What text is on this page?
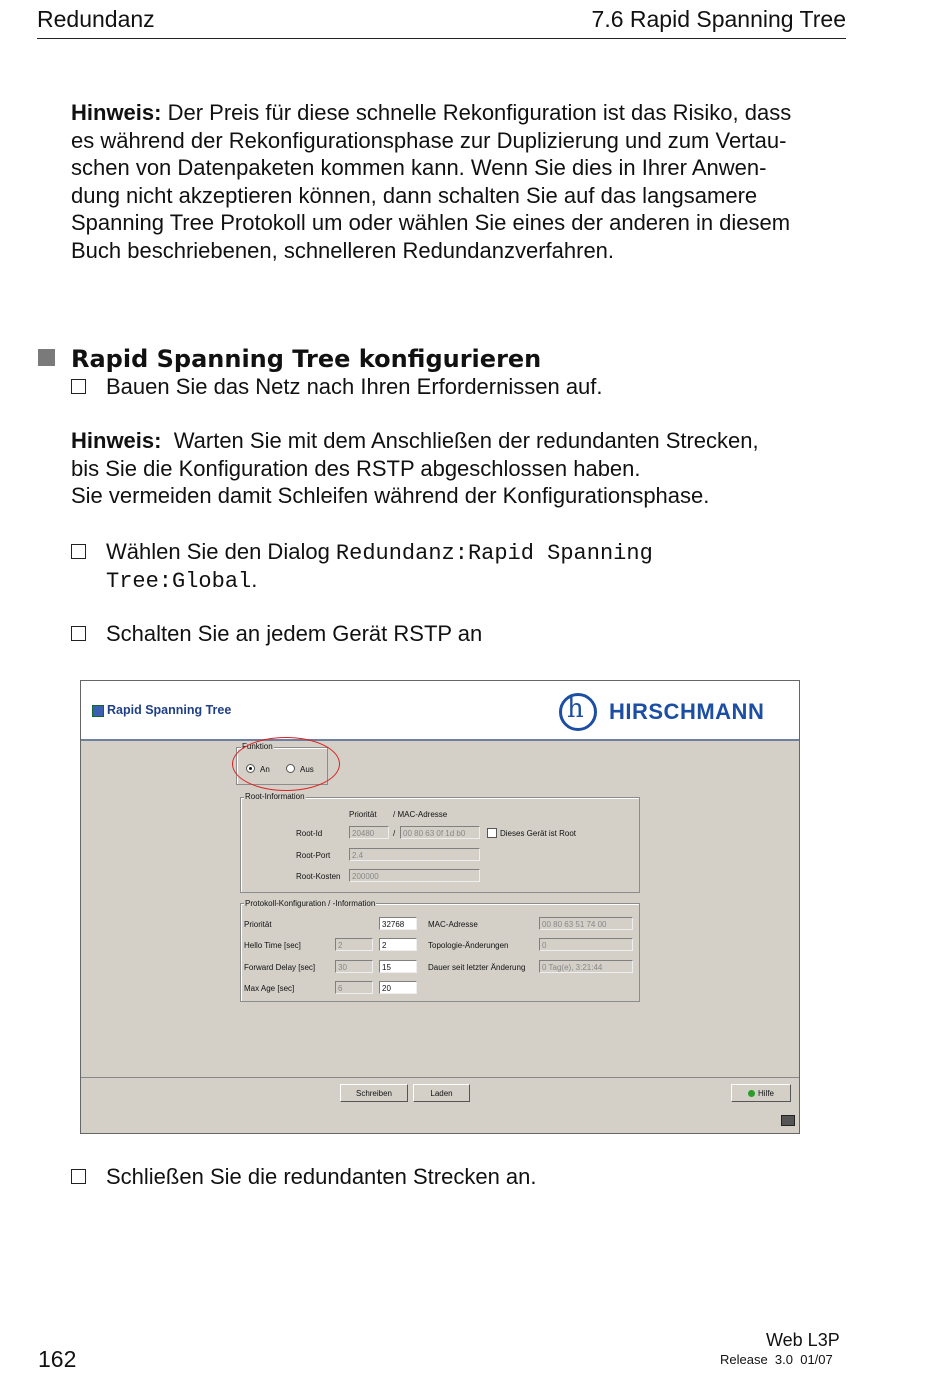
Redundanz	7.6 Rapid Spanning Tree
Hinweis: Der Preis für diese schnelle Rekonfiguration ist das Risiko, dass
es während der Rekonfigurationsphase zur Duplizierung und zum Vertau-
schen von Datenpaketen kommen kann. Wenn Sie dies in Ihrer Anwen-
dung nicht akzeptieren können, dann schalten Sie auf das langsamere
Spanning Tree Protokoll um oder wählen Sie eines der anderen in diesem
Buch beschriebenen, schnelleren Redundanzverfahren.
Rapid Spanning Tree konfigurieren
Bauen Sie das Netz nach Ihren Erfordernissen auf.
Hinweis:  Warten Sie mit dem Anschließen der redundanten Strecken,
bis Sie die Konfiguration des RSTP abgeschlossen haben.
Sie vermeiden damit Schleifen während der Konfigurationsphase.
Wählen Sie den Dialog Redundanz:Rapid Spanning
Tree:Global.
Schalten Sie an jedem Gerät RSTP an
Rapid Spanning Tree	h HIRSCHMANN
Funktion
An	Aus
Root-Information
Priorität / MAC-Adresse
Root-Id	20480	/ 00 80 63 0f 1d b0	Dieses Gerät ist Root
Root-Port	2.4
Root-Kosten	200000
Protokoll-Konfiguration / -Information
Priorität	32768	MAC-Adresse	00 80 63 51 74 00
Hello Time [sec]	2	2	Topologie-Änderungen	0
Forward Delay [sec]	30	15	Dauer seit letzter Änderung	0 Tag(e), 3:21:44
Max Age [sec]	6	20
Schreiben	Laden	Hilfe
Schließen Sie die redundanten Strecken an.
162
Web L3P
Release  3.0  01/07
